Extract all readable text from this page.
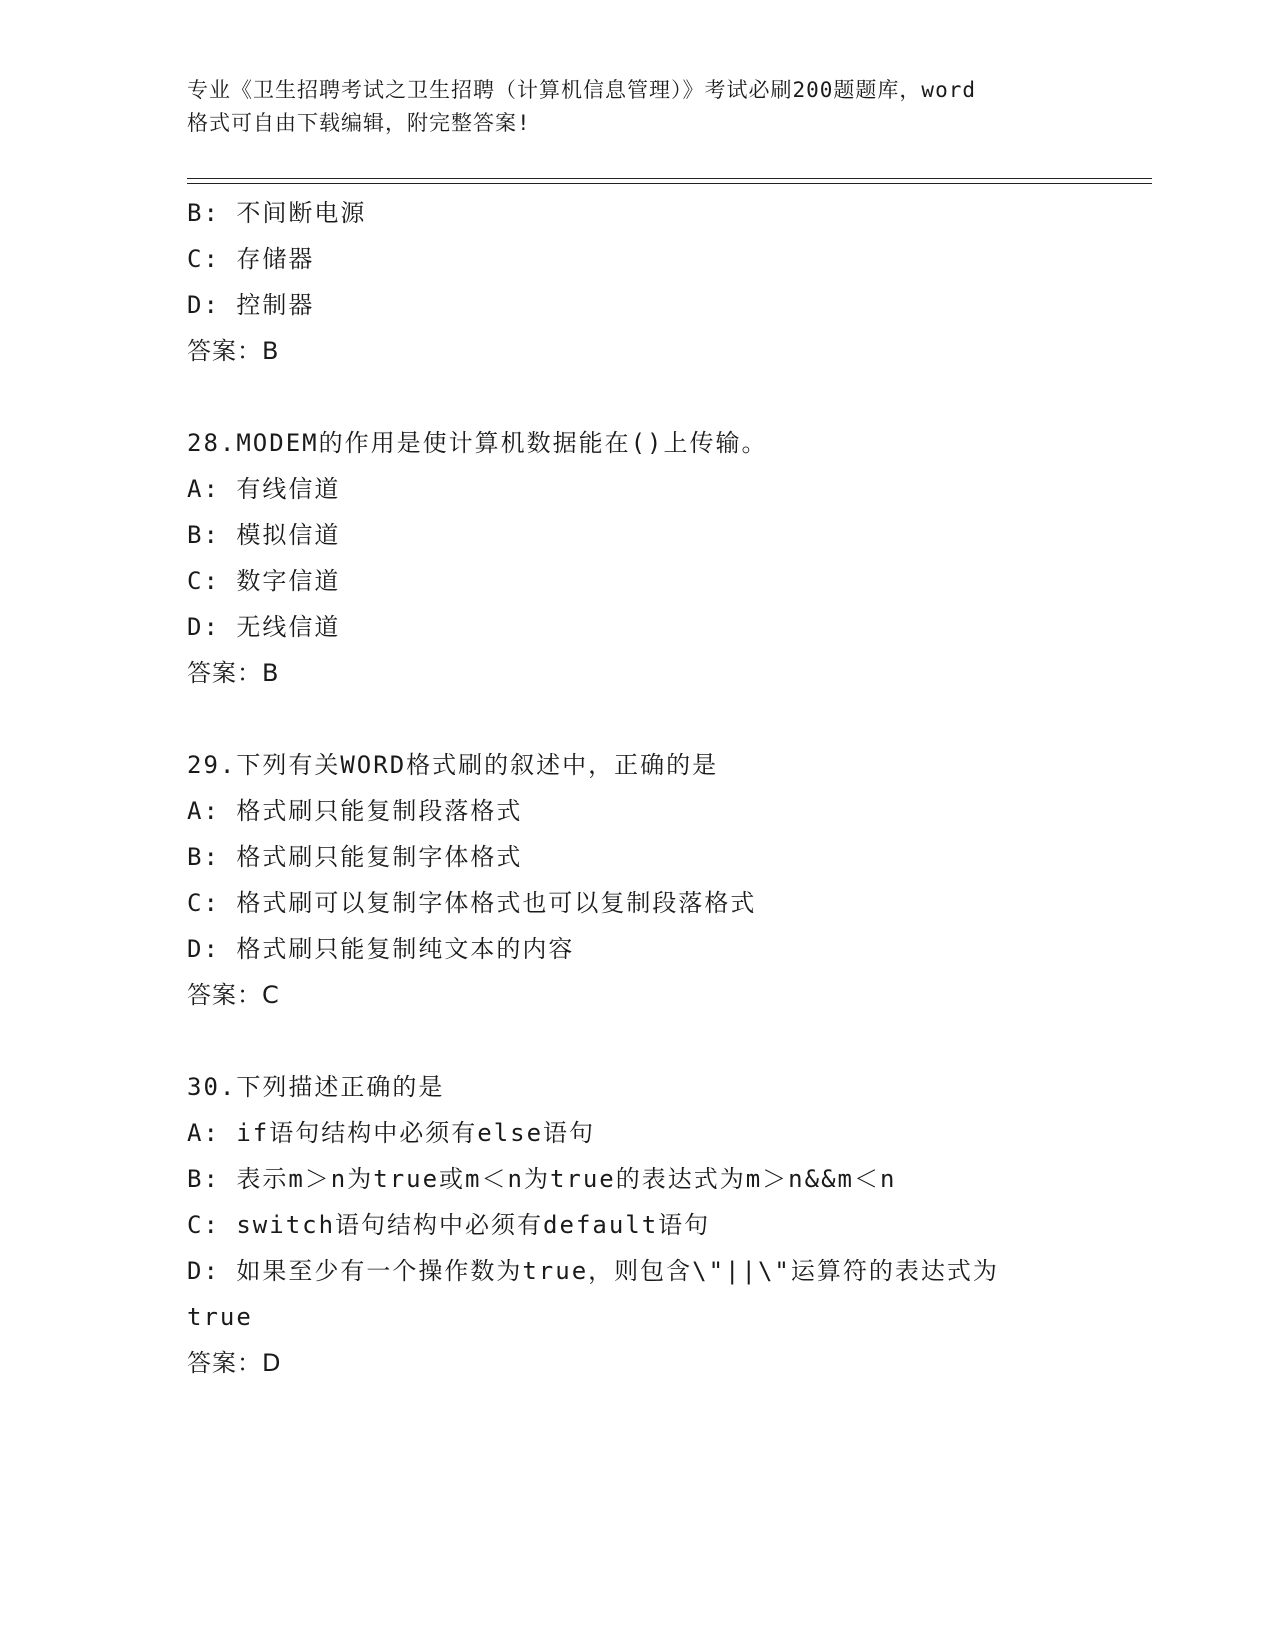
专业《卫生招聘考试之卫生招聘（计算机信息管理）》考试必刷200题题库，word
格式可自由下载编辑，附完整答案!
B: 不间断电源
C: 存储器
D: 控制器
答案：B
28.MODEM的作用是使计算机数据能在()上传输。
A: 有线信道
B: 模拟信道
C: 数字信道
D: 无线信道
答案：B
29.下列有关WORD格式刷的叙述中，正确的是
A: 格式刷只能复制段落格式
B: 格式刷只能复制字体格式
C: 格式刷可以复制字体格式也可以复制段落格式
D: 格式刷只能复制纯文本的内容
答案：C
30.下列描述正确的是
A: if语句结构中必须有else语句
B: 表示m＞n为true或m＜n为true的表达式为m＞n&&m＜n
C: switch语句结构中必须有default语句
D: 如果至少有一个操作数为true，则包含\"||\"运算符的表达式为
true
答案：D
